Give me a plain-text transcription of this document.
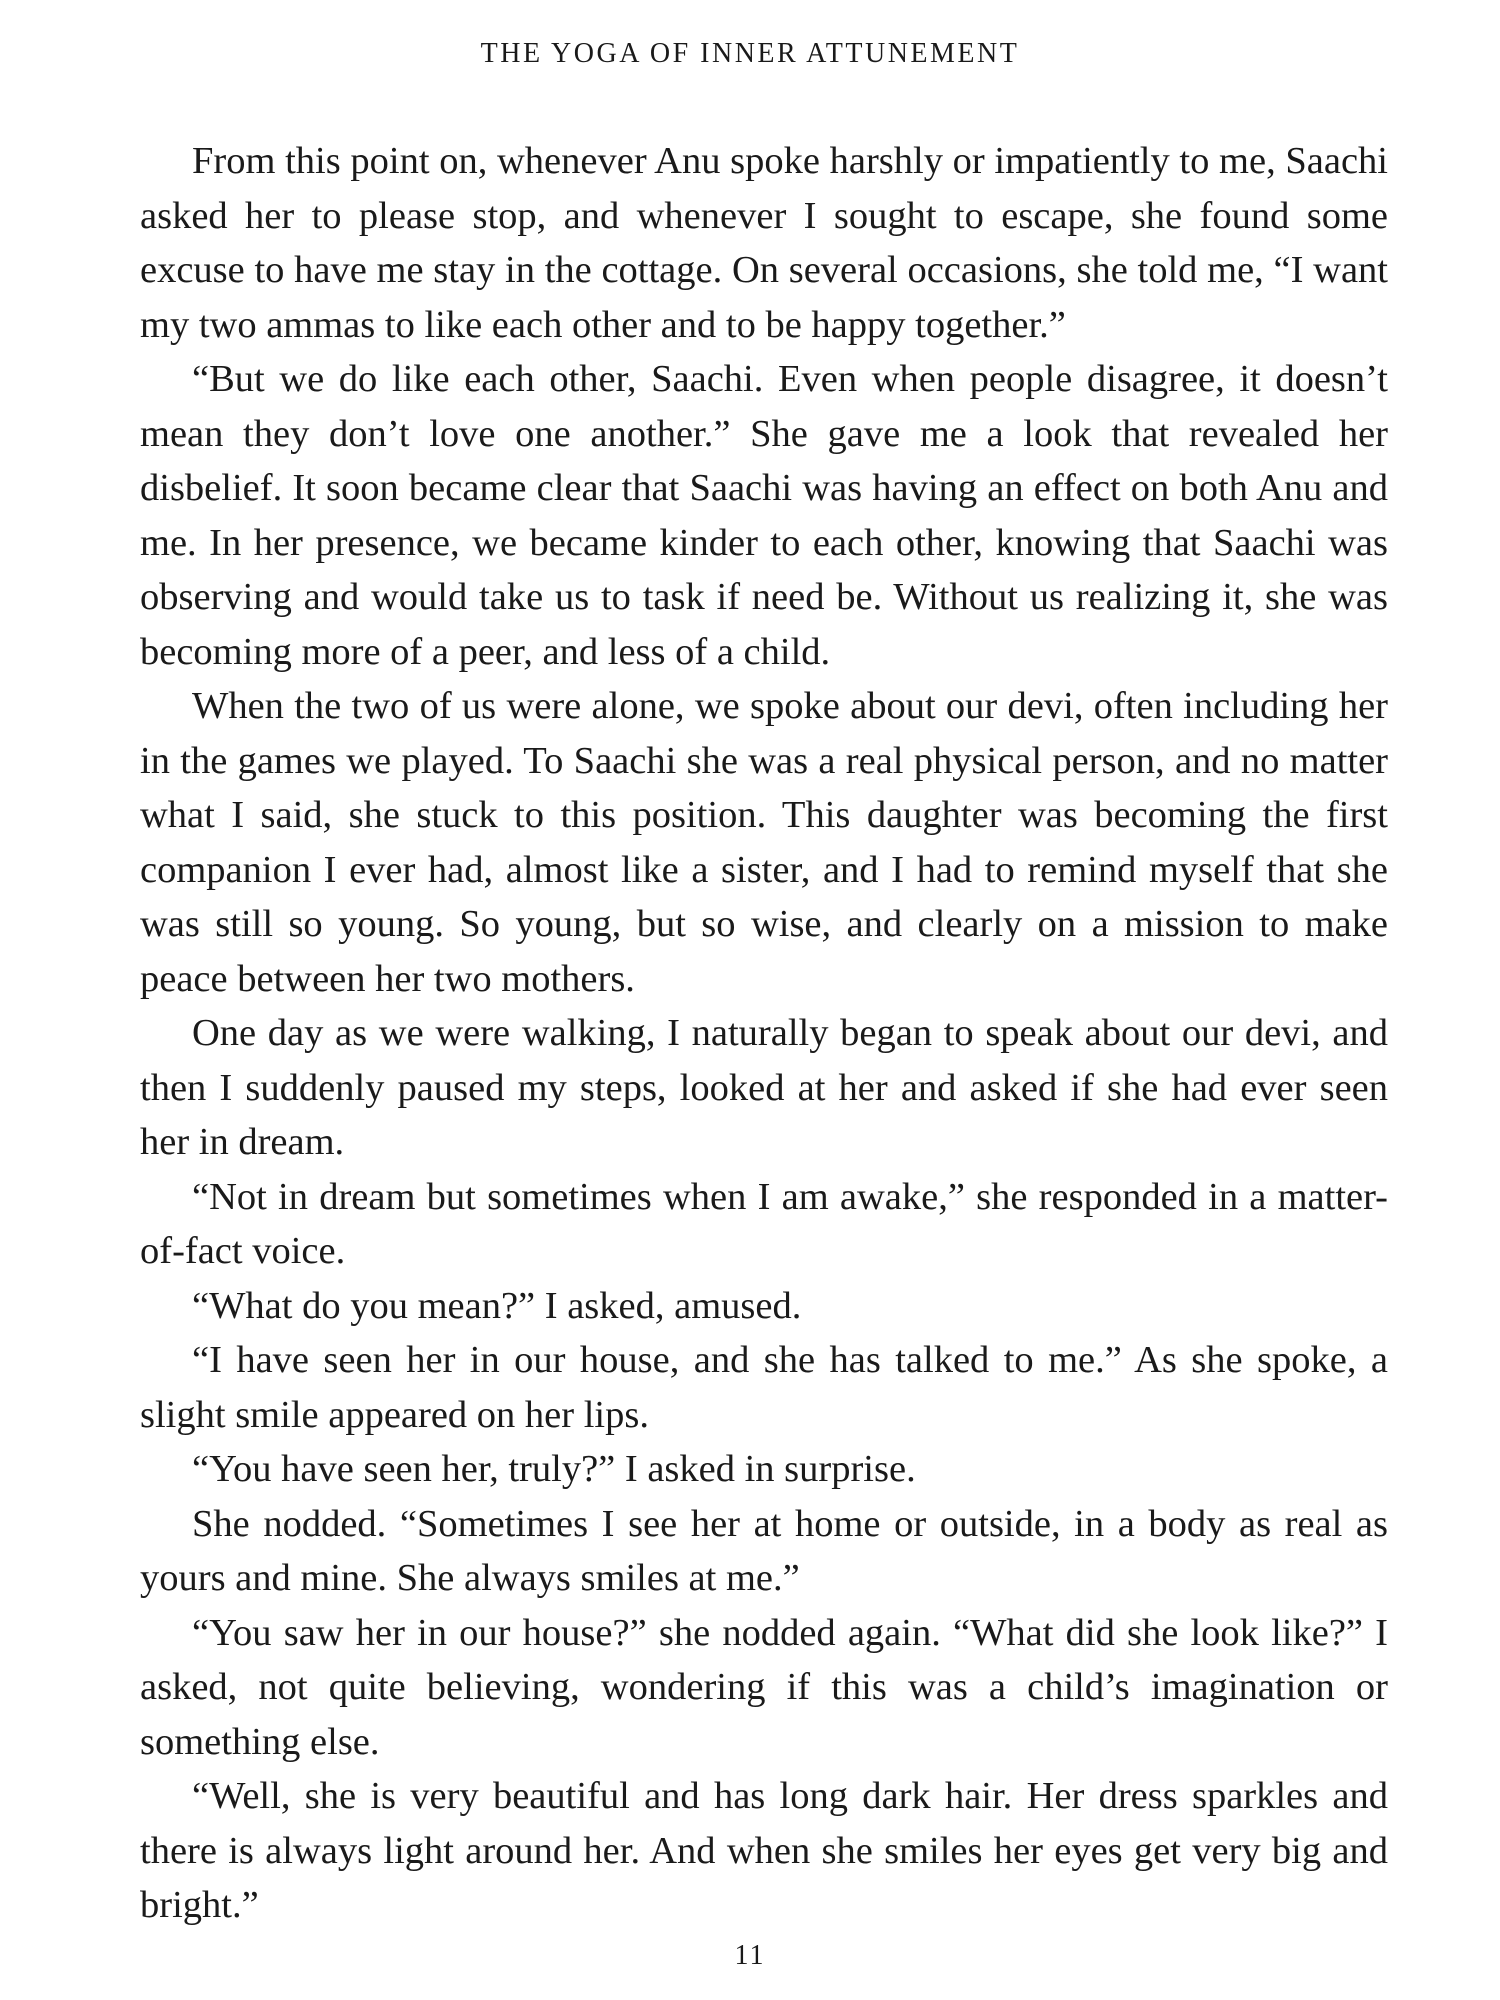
THE YOGA OF INNER ATTUNEMENT

From this point on, whenever Anu spoke harshly or impatiently to me, Saachi asked her to please stop, and whenever I sought to escape, she found some excuse to have me stay in the cottage. On several occasions, she told me, “I want my two ammas to like each other and to be happy together.”

“But we do like each other, Saachi. Even when people disagree, it doesn’t mean they don’t love one another.” She gave me a look that revealed her disbelief. It soon became clear that Saachi was having an effect on both Anu and me. In her presence, we became kinder to each other, knowing that Saachi was observing and would take us to task if need be. Without us realizing it, she was becoming more of a peer, and less of a child.

When the two of us were alone, we spoke about our devi, often including her in the games we played. To Saachi she was a real physical person, and no matter what I said, she stuck to this position. This daughter was becoming the first companion I ever had, almost like a sister, and I had to remind myself that she was still so young. So young, but so wise, and clearly on a mission to make peace between her two mothers.

One day as we were walking, I naturally began to speak about our devi, and then I suddenly paused my steps, looked at her and asked if she had ever seen her in dream.

“Not in dream but sometimes when I am awake,” she responded in a matter-of-fact voice.

“What do you mean?” I asked, amused.

“I have seen her in our house, and she has talked to me.” As she spoke, a slight smile appeared on her lips.

“You have seen her, truly?” I asked in surprise.

She nodded. “Sometimes I see her at home or outside, in a body as real as yours and mine. She always smiles at me.”

“You saw her in our house?” she nodded again. “What did she look like?” I asked, not quite believing, wondering if this was a child’s imagination or something else.

“Well, she is very beautiful and has long dark hair. Her dress sparkles and there is always light around her. And when she smiles her eyes get very big and bright.”

11
